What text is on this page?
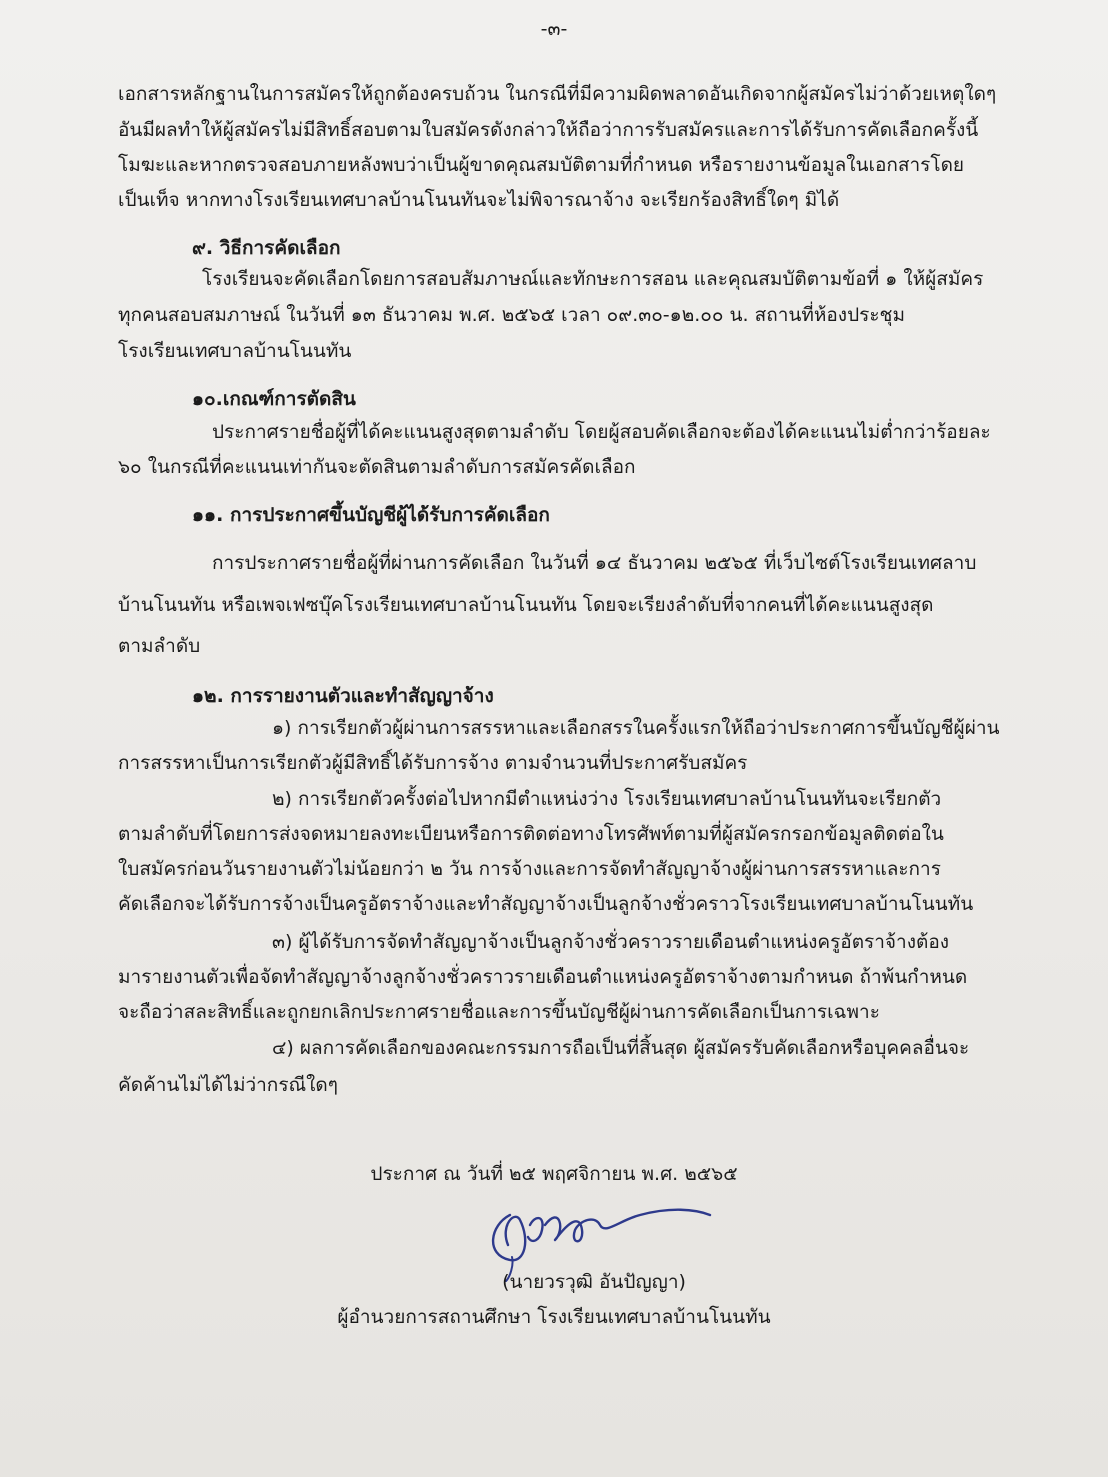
-๓-
เอกสารหลักฐานในการสมัครให้ถูกต้องครบถ้วน ในกรณีที่มีความผิดพลาดอันเกิดจากผู้สมัครไม่ว่าด้วยเหตุใดๆ
อันมีผลทำให้ผู้สมัครไม่มีสิทธิ์สอบตามใบสมัครดังกล่าวให้ถือว่าการรับสมัครและการได้รับการคัดเลือกครั้งนี้
โมฆะและหากตรวจสอบภายหลังพบว่าเป็นผู้ขาดคุณสมบัติตามที่กำหนด หรือรายงานข้อมูลในเอกสารโดย
เป็นเท็จ หากทางโรงเรียนเทศบาลบ้านโนนทันจะไม่พิจารณาจ้าง จะเรียกร้องสิทธิ์ใดๆ มิได้
๙. วิธีการคัดเลือก
โรงเรียนจะคัดเลือกโดยการสอบสัมภาษณ์และทักษะการสอน และคุณสมบัติตามข้อที่ ๑ ให้ผู้สมัคร
ทุกคนสอบสมภาษณ์ ในวันที่ ๑๓ ธันวาคม พ.ศ. ๒๕๖๕ เวลา ๐๙.๓๐-๑๒.๐๐ น. สถานที่ห้องประชุม
โรงเรียนเทศบาลบ้านโนนทัน
๑๐.เกณฑ์การตัดสิน
ประกาศรายชื่อผู้ที่ได้คะแนนสูงสุดตามลำดับ โดยผู้สอบคัดเลือกจะต้องได้คะแนนไม่ต่ำกว่าร้อยละ
๖๐ ในกรณีที่คะแนนเท่ากันจะตัดสินตามลำดับการสมัครคัดเลือก
๑๑. การประกาศขึ้นบัญชีผู้ได้รับการคัดเลือก
การประกาศรายชื่อผู้ที่ผ่านการคัดเลือก ในวันที่ ๑๔ ธันวาคม ๒๕๖๕ ที่เว็บไซต์โรงเรียนเทศลาบ
บ้านโนนทัน หรือเพจเฟซบุ๊คโรงเรียนเทศบาลบ้านโนนทัน โดยจะเรียงลำดับที่จากคนที่ได้คะแนนสูงสุด
ตามลำดับ
๑๒. การรายงานตัวและทำสัญญาจ้าง
๑) การเรียกตัวผู้ผ่านการสรรหาและเลือกสรรในครั้งแรกให้ถือว่าประกาศการขึ้นบัญชีผู้ผ่าน
การสรรหาเป็นการเรียกตัวผู้มีสิทธิ์ได้รับการจ้าง ตามจำนวนที่ประกาศรับสมัคร
๒) การเรียกตัวครั้งต่อไปหากมีตำแหน่งว่าง โรงเรียนเทศบาลบ้านโนนทันจะเรียกตัว
ตามลำดับที่โดยการส่งจดหมายลงทะเบียนหรือการติดต่อทางโทรศัพท์ตามที่ผู้สมัครกรอกข้อมูลติดต่อใน
ใบสมัครก่อนวันรายงานตัวไม่น้อยกว่า ๒ วัน การจ้างและการจัดทำสัญญาจ้างผู้ผ่านการสรรหาและการ
คัดเลือกจะได้รับการจ้างเป็นครูอัตราจ้างและทำสัญญาจ้างเป็นลูกจ้างชั่วคราวโรงเรียนเทศบาลบ้านโนนทัน
๓) ผู้ได้รับการจัดทำสัญญาจ้างเป็นลูกจ้างชั่วคราวรายเดือนตำแหน่งครูอัตราจ้างต้อง
มารายงานตัวเพื่อจัดทำสัญญาจ้างลูกจ้างชั่วคราวรายเดือนตำแหน่งครูอัตราจ้างตามกำหนด ถ้าพ้นกำหนด
จะถือว่าสละสิทธิ์และถูกยกเลิกประกาศรายชื่อและการขึ้นบัญชีผู้ผ่านการคัดเลือกเป็นการเฉพาะ
๔) ผลการคัดเลือกของคณะกรรมการถือเป็นที่สิ้นสุด ผู้สมัครรับคัดเลือกหรือบุคคลอื่นจะ
คัดค้านไม่ได้ไม่ว่ากรณีใดๆ
ประกาศ ณ วันที่ ๒๕ พฤศจิกายน พ.ศ. ๒๕๖๕
(นายวรวุฒิ อันปัญญา)
ผู้อำนวยการสถานศึกษา โรงเรียนเทศบาลบ้านโนนทัน
